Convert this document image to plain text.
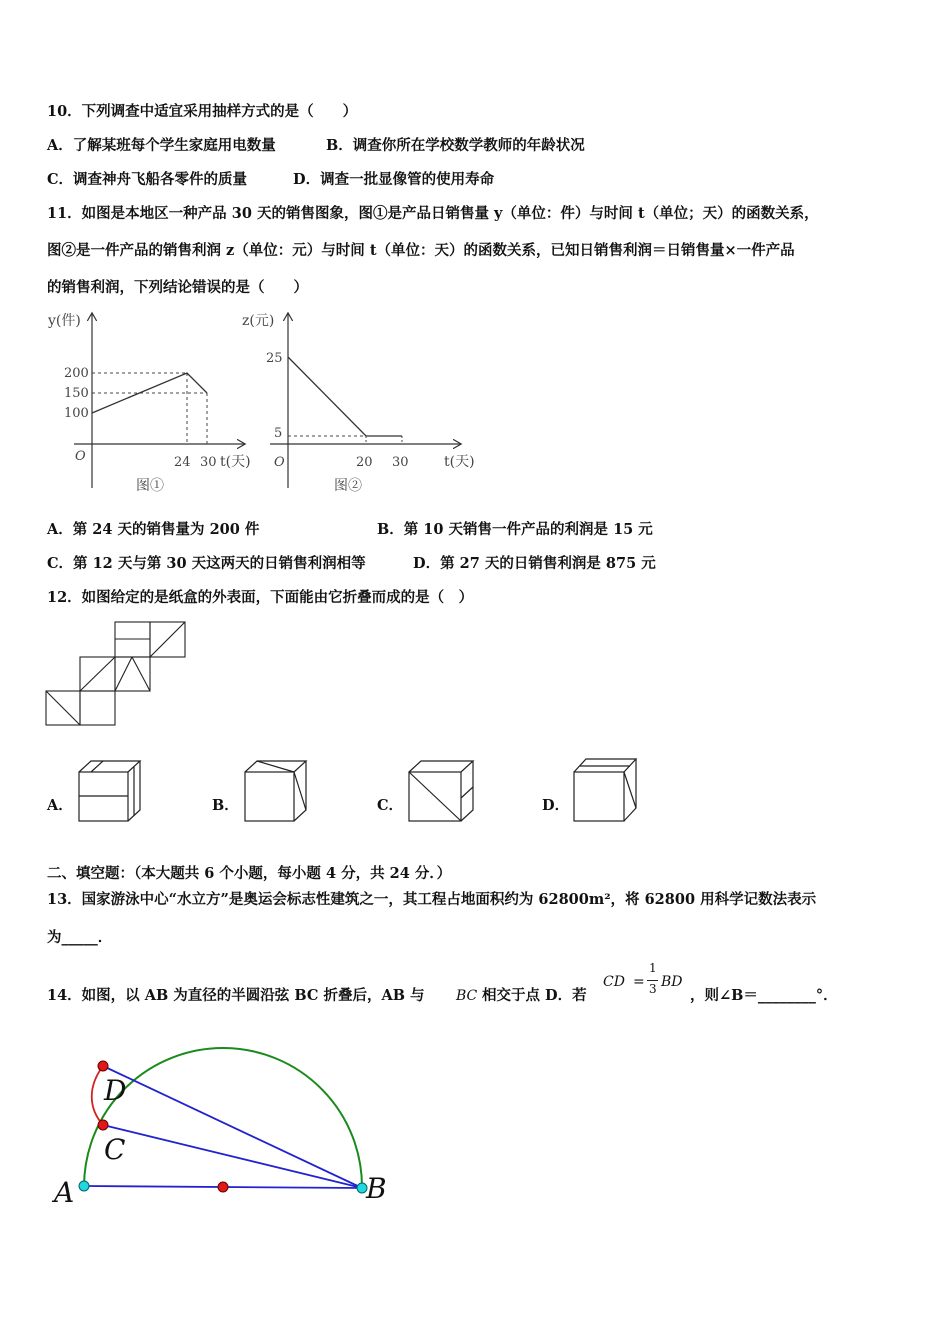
10．下列调查中适宜采用抽样方式的是（　　）
A．了解某班每个学生家庭用电数量	B．调查你所在学校数学教师的年龄状况
C．调查神舟飞船各零件的质量	D．调查一批显像管的使用寿命
11．如图是本地区一种产品 30 天的销售图象，图①是产品日销售量 y（单位：件）与时间 t（单位；天）的函数关系，
图②是一件产品的销售利润 z（单位：元）与时间 t（单位：天）的函数关系，已知日销售利润＝日销售量×一件产品
的销售利润，下列结论错误的是（　　）
y(件)
t(天)
O
200
150
100
24 30
图①
z(元)
t(天)
O
25
5
20 30
图②
A．第 24 天的销售量为 200 件	B．第 10 天销售一件产品的利润是 15 元
C．第 12 天与第 30 天这两天的日销售利润相等	D．第 27 天的日销售利润是 875 元
12．如图给定的是纸盒的外表面，下面能由它折叠而成的是（　）
A．	B．	C．	D．
二、填空题：（本大题共 6 个小题，每小题 4 分，共 24 分．）
13．国家游泳中心“水立方”是奥运会标志性建筑之一，其工程占地面积约为 62800m²，将 62800 用科学记数法表示
为_____．
14．如图，以 AB 为直径的半圆沿弦 BC 折叠后，AB 与 BC 相交于点 D．若
CD =
1
3 BD
，则∠B＝________°．
D
C
A	B
